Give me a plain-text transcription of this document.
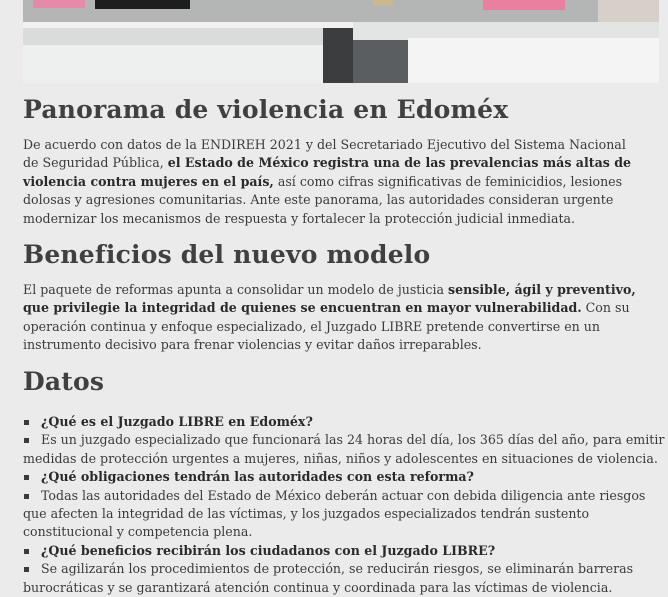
Panorama de violencia en Edoméx

De acuerdo con datos de la ENDIREH 2021 y del Secretariado Ejecutivo del Sistema Nacional de Seguridad Pública, el Estado de México registra una de las prevalencias más altas de violencia contra mujeres en el país, así como cifras significativas de feminicidios, lesiones dolosas y agresiones comunitarias. Ante este panorama, las autoridades consideran urgente modernizar los mecanismos de respuesta y fortalecer la protección judicial inmediata.

Beneficios del nuevo modelo

El paquete de reformas apunta a consolidar un modelo de justicia sensible, ágil y preventivo, que privilegie la integridad de quienes se encuentran en mayor vulnerabilidad. Con su operación continua y enfoque especializado, el Juzgado LIBRE pretende convertirse en un instrumento decisivo para frenar violencias y evitar daños irreparables.

Datos
¿Qué es el Juzgado LIBRE en Edoméx?
Es un juzgado especializado que funcionará las 24 horas del día, los 365 días del año, para emitir medidas de protección urgentes a mujeres, niñas, niños y adolescentes en situaciones de violencia.
¿Qué obligaciones tendrán las autoridades con esta reforma?
Todas las autoridades del Estado de México deberán actuar con debida diligencia ante riesgos que afecten la integridad de las víctimas, y los juzgados especializados tendrán sustento constitucional y competencia plena.
¿Qué beneficios recibirán los ciudadanos con el Juzgado LIBRE?
Se agilizarán los procedimientos de protección, se reducirán riesgos, se eliminarán barreras burocráticas y se garantizará atención continua y coordinada para las víctimas de violencia.
